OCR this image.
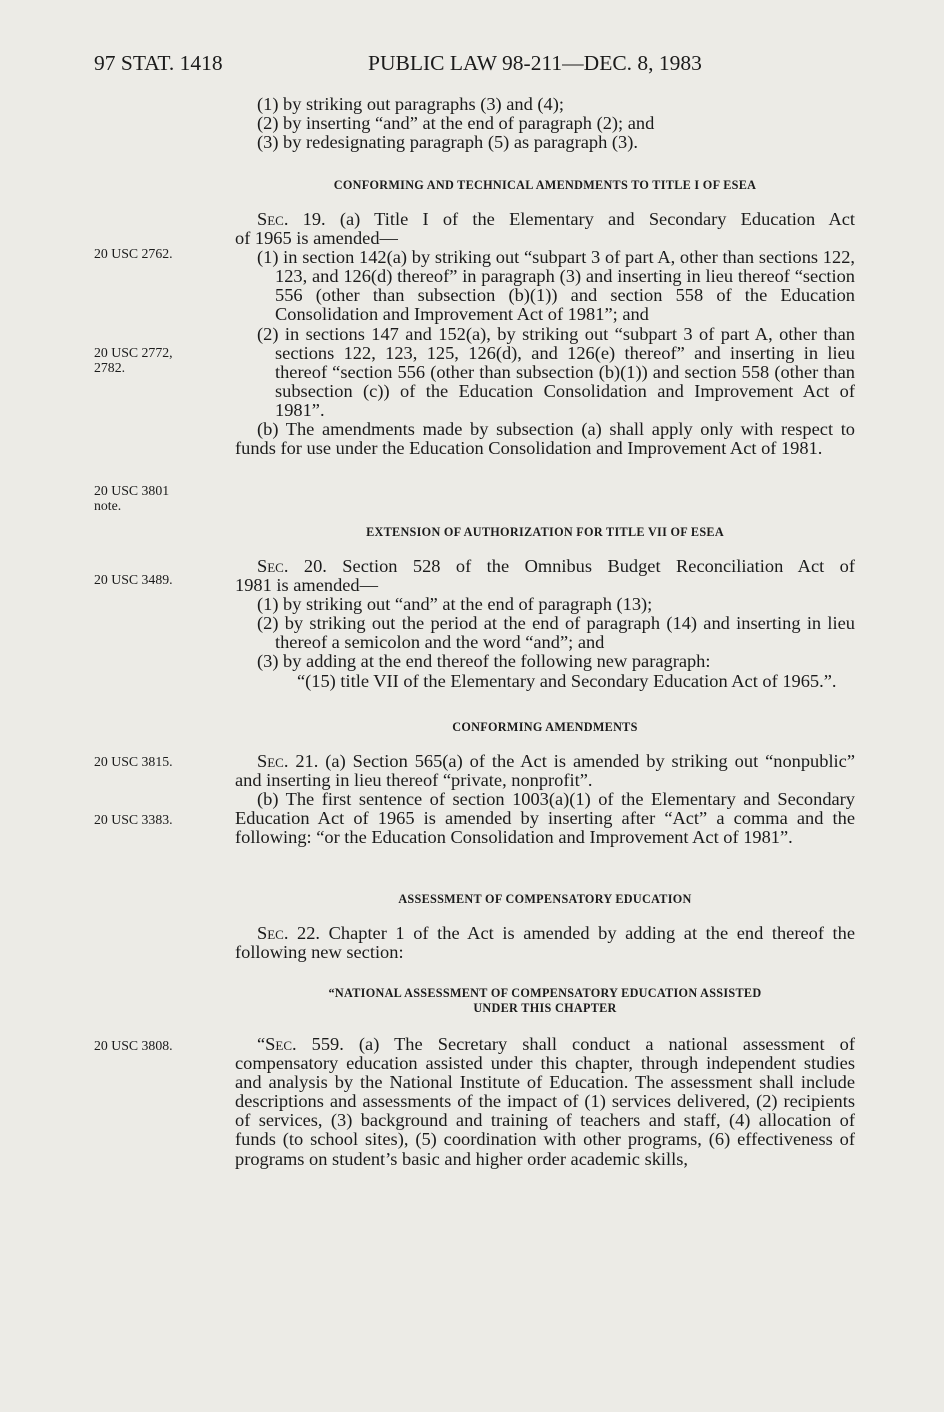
97 STAT. 1418	PUBLIC LAW 98-211—DEC. 8, 1983

(1) by striking out paragraphs (3) and (4);

(2) by inserting “and” at the end of paragraph (2); and

(3) by redesignating paragraph (5) as paragraph (3).

CONFORMING AND TECHNICAL AMENDMENTS TO TITLE I OF ESEA

Sec. 19. (a) Title I of the Elementary and Secondary Education Act

of 1965 is amended—

(1) in section 142(a) by striking out “subpart 3 of part A, other than sections 122, 123, and 126(d) thereof” in paragraph (3) and inserting in lieu thereof “section 556 (other than subsection (b)(1)) and section 558 of the Education Consolidation and Improvement Act of 1981”; and

(2) in sections 147 and 152(a), by striking out “subpart 3 of part A, other than sections 122, 123, 125, 126(d), and 126(e) thereof” and inserting in lieu thereof “section 556 (other than subsection (b)(1)) and section 558 (other than subsection (c)) of the Education Consolidation and Improvement Act of 1981”.

(b) The amendments made by subsection (a) shall apply only with respect to funds for use under the Education Consolidation and Improvement Act of 1981.

20 USC 2762.
20 USC 2772,
2782.
20 USC 3801
note.
EXTENSION OF AUTHORIZATION FOR TITLE VII OF ESEA

Sec. 20. Section 528 of the Omnibus Budget Reconciliation Act of

1981 is amended—

(1) by striking out “and” at the end of paragraph (13);

(2) by striking out the period at the end of paragraph (14) and inserting in lieu thereof a semicolon and the word “and”; and

(3) by adding at the end thereof the following new paragraph:

“(15) title VII of the Elementary and Secondary Education Act of 1965.”.

20 USC 3489.
CONFORMING AMENDMENTS

Sec. 21. (a) Section 565(a) of the Act is amended by striking out “nonpublic” and inserting in lieu thereof “private, nonprofit”.

(b) The first sentence of section 1003(a)(1) of the Elementary and Secondary Education Act of 1965 is amended by inserting after “Act” a comma and the following: “or the Education Consolidation and Improvement Act of 1981”.

20 USC 3815.
20 USC 3383.
ASSESSMENT OF COMPENSATORY EDUCATION

Sec. 22. Chapter 1 of the Act is amended by adding at the end thereof the following new section:

“NATIONAL ASSESSMENT OF COMPENSATORY EDUCATION ASSISTED
UNDER THIS CHAPTER

“Sec. 559. (a) The Secretary shall conduct a national assessment of compensatory education assisted under this chapter, through independent studies and analysis by the National Institute of Education. The assessment shall include descriptions and assessments of the impact of (1) services delivered, (2) recipients of services, (3) background and training of teachers and staff, (4) allocation of funds (to school sites), (5) coordination with other programs, (6) effectiveness of programs on student’s basic and higher order academic skills,

20 USC 3808.
